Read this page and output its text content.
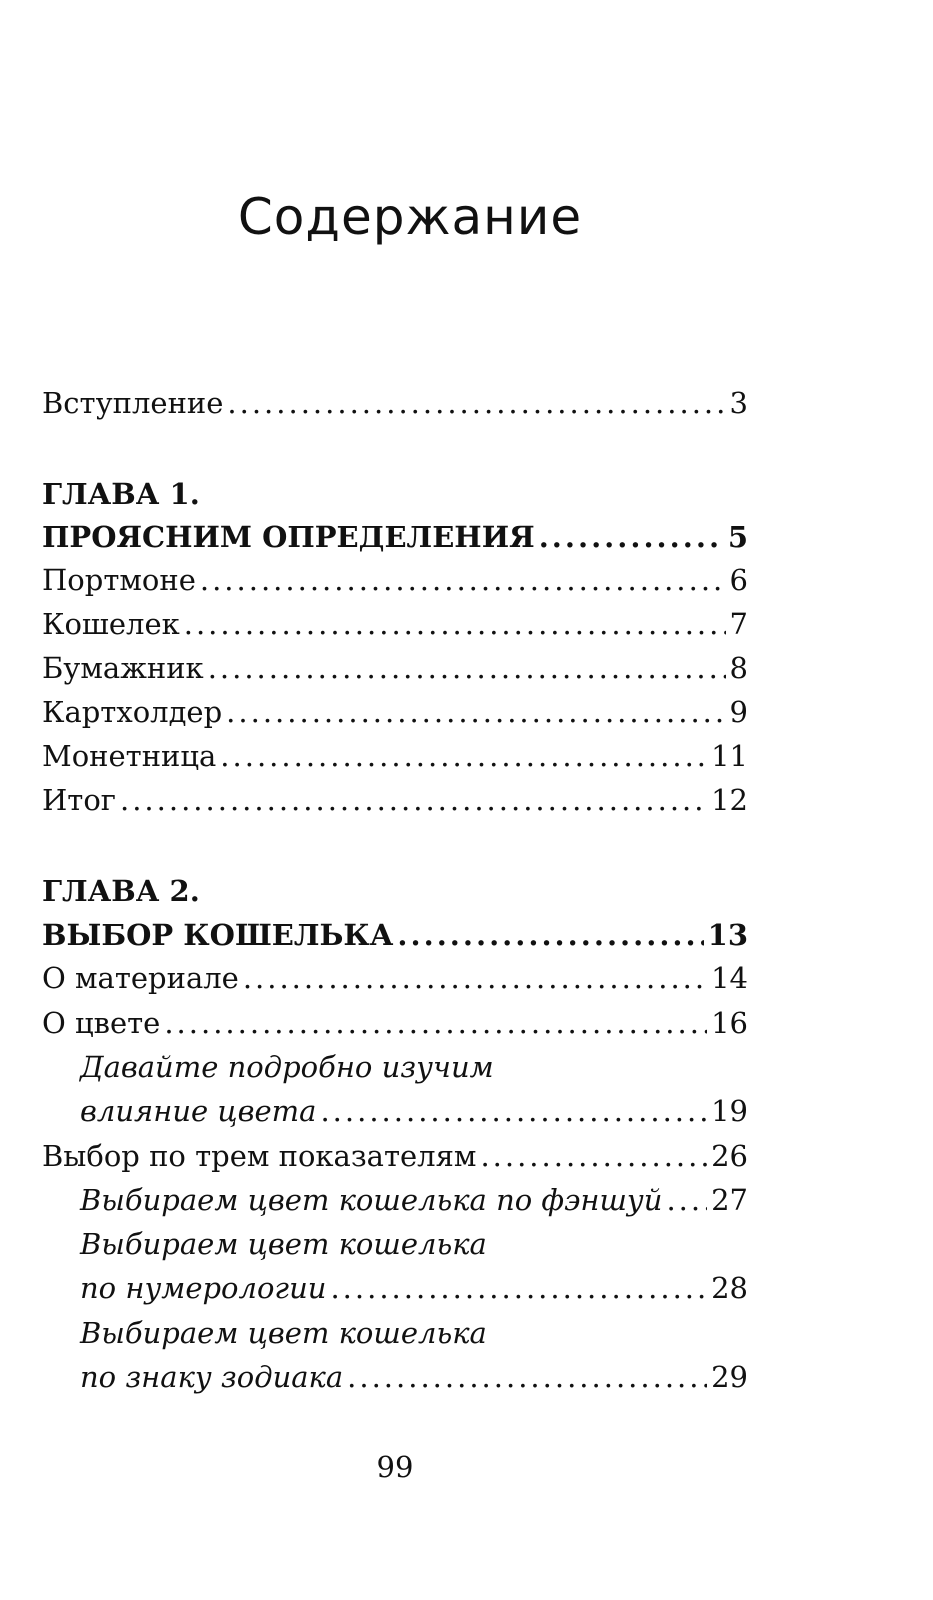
Содержание
Вступление .....	3
ГЛАВА 1.
ПРОЯСНИМ ОПРЕДЕЛЕНИЯ .....	5
Портмоне .....	6
Кошелек .....	7
Бумажник .....	8
Картхолдер .....	9
Монетница .....	11
Итог .....	12
ГЛАВА 2.
ВЫБОР КОШЕЛЬКА .....	13
О материале .....	14
О цвете .....	16
Давайте подробно изучим
влияние цвета .....	19
Выбор по трем показателям .....	26
Выбираем цвет кошелька по фэншуй ..... 27
Выбираем цвет кошелька
по нумерологии .....	28
Выбираем цвет кошелька
по знаку зодиака .....	29
99
